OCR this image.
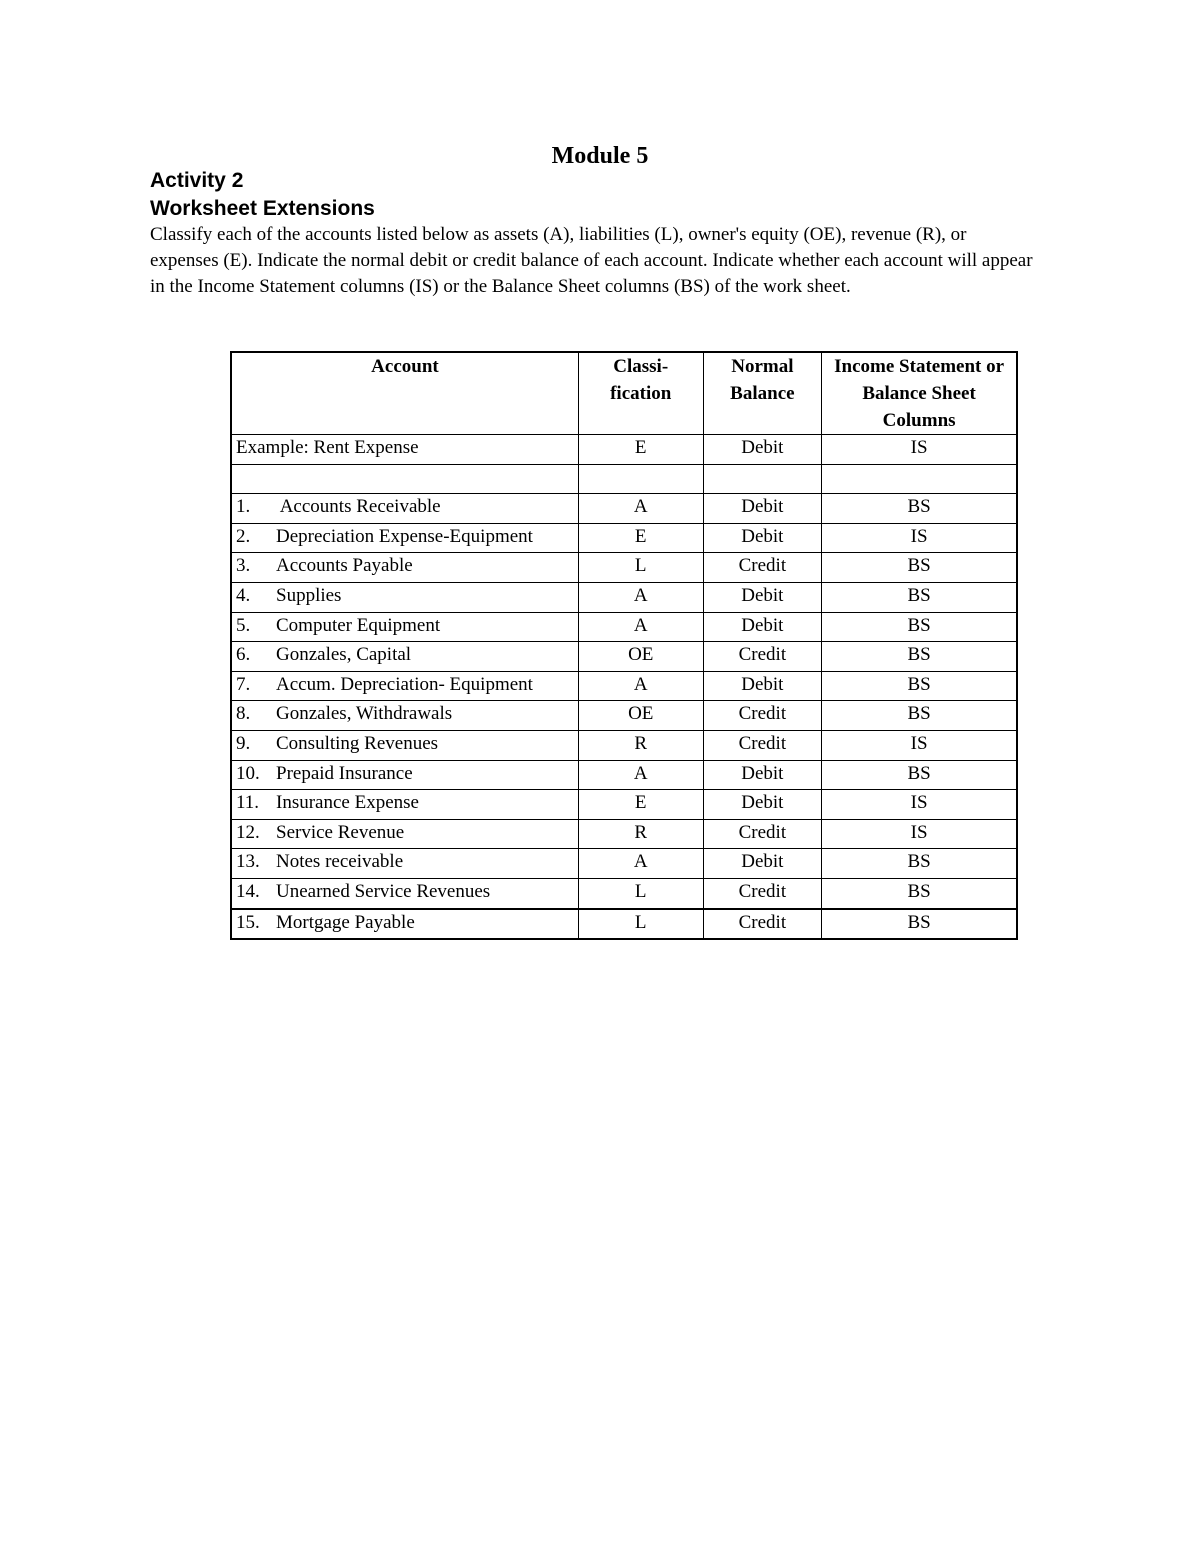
Module 5
Activity 2
Worksheet Extensions

Classify each of the accounts listed below as assets (A), liabilities (L), owner's equity (OE), revenue (R), or

expenses (E). Indicate the normal debit or credit balance of each account. Indicate whether each account will appear in the Income Statement columns (IS) or the Balance Sheet columns (BS) of the work sheet.

Account	Classi- fication	Normal Balance	Income Statement or Balance Sheet Columns
Example: Rent Expense	E	Debit	IS

1. Accounts Receivable	A	Debit	BS
2. Depreciation Expense-Equipment	E	Debit	IS
3. Accounts Payable	L	Credit	BS
4. Supplies	A	Debit	BS
5. Computer Equipment	A	Debit	BS
6. Gonzales, Capital	OE	Credit	BS
7. Accum. Depreciation- Equipment	A	Debit	BS
8. Gonzales, Withdrawals	OE	Credit	BS
9. Consulting Revenues	R	Credit	IS
10. Prepaid Insurance	A	Debit	BS
11. Insurance Expense	E	Debit	IS
12. Service Revenue	R	Credit	IS
13. Notes receivable	A	Debit	BS
14. Unearned Service Revenues	L	Credit	BS
15. Mortgage Payable	L	Credit	BS
